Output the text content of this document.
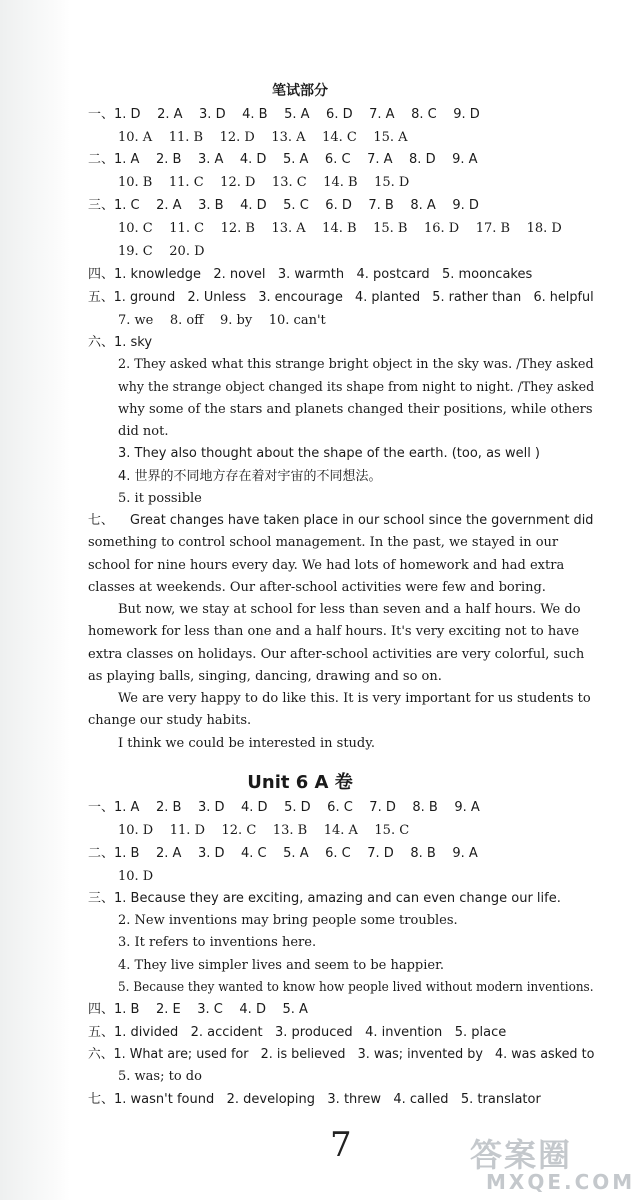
笔试部分
一、1. D    2. A    3. D    4. B    5. A    6. D    7. A    8. C    9. D
10. A    11. B    12. D    13. A    14. C    15. A
二、1. A    2. B    3. A    4. D    5. A    6. C    7. A    8. D    9. A
10. B    11. C    12. D    13. C    14. B    15. D
三、1. C    2. A    3. B    4. D    5. C    6. D    7. B    8. A    9. D
10. C    11. C    12. B    13. A    14. B    15. B    16. D    17. B    18. D
19. C    20. D
四、1. knowledge   2. novel   3. warmth   4. postcard   5. mooncakes
五、1. ground   2. Unless   3. encourage   4. planted   5. rather than   6. helpful
7. we    8. off    9. by    10. can't
六、1. sky
2. They asked what this strange bright object in the sky was. /They asked
why the strange object changed its shape from night to night. /They asked
why some of the stars and planets changed their positions, while others
did not.
3. They also thought about the shape of the earth. (too, as well )
4. 世界的不同地方存在着对宇宙的不同想法。
5. it possible
七、    Great changes have taken place in our school since the government did
something to control school management. In the past, we stayed in our
school for nine hours every day. We had lots of homework and had extra
classes at weekends. Our after-school activities were few and boring.
But now, we stay at school for less than seven and a half hours. We do
homework for less than one and a half hours. It's very exciting not to have
extra classes on holidays. Our after-school activities are very colorful, such
as playing balls, singing, dancing, drawing and so on.
We are very happy to do like this. It is very important for us students to
change our study habits.
I think we could be interested in study.
Unit 6 A 卷
一、1. A    2. B    3. D    4. D    5. D    6. C    7. D    8. B    9. A
10. D    11. D    12. C    13. B    14. A    15. C
二、1. B    2. A    3. D    4. C    5. A    6. C    7. D    8. B    9. A
10. D
三、1. Because they are exciting, amazing and can even change our life.
2. New inventions may bring people some troubles.
3. It refers to inventions here.
4. They live simpler lives and seem to be happier.
5. Because they wanted to know how people lived without modern inventions.
四、1. B    2. E    3. C    4. D    5. A
五、1. divided   2. accident   3. produced   4. invention   5. place
六、1. What are; used for   2. is believed   3. was; invented by   4. was asked to
5. was; to do
七、1. wasn't found   2. developing   3. threw   4. called   5. translator
7	答案圈
MXQE.COM
